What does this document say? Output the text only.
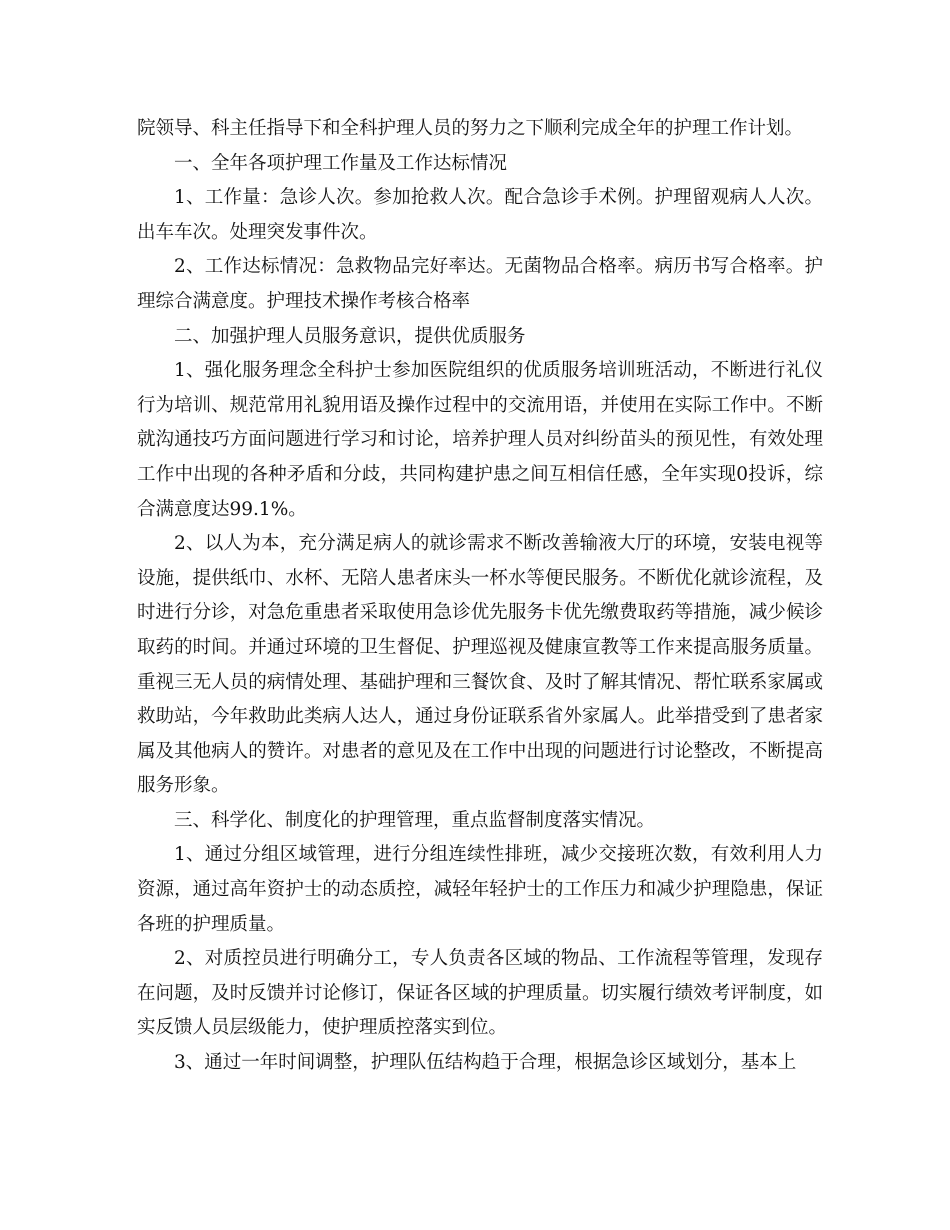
院领导、科主任指导下和全科护理人员的努力之下顺利完成全年的护理工作计划。

一、全年各项护理工作量及工作达标情况

1、工作量：急诊人次。参加抢救人次。配合急诊手术例。护理留观病人人次。出车车次。处理突发事件次。

2、工作达标情况：急救物品完好率达。无菌物品合格率。病历书写合格率。护理综合满意度。护理技术操作考核合格率

二、加强护理人员服务意识，提供优质服务

1、强化服务理念全科护士参加医院组织的优质服务培训班活动，不断进行礼仪行为培训、规范常用礼貌用语及操作过程中的交流用语，并使用在实际工作中。不断就沟通技巧方面问题进行学习和讨论，培养护理人员对纠纷苗头的预见性，有效处理工作中出现的各种矛盾和分歧，共同构建护患之间互相信任感，全年实现0投诉，综合满意度达99.1%。

2、以人为本，充分满足病人的就诊需求不断改善输液大厅的环境，安装电视等设施，提供纸巾、水杯、无陪人患者床头一杯水等便民服务。不断优化就诊流程，及时进行分诊，对急危重患者采取使用急诊优先服务卡优先缴费取药等措施，减少候诊取药的时间。并通过环境的卫生督促、护理巡视及健康宣教等工作来提高服务质量。重视三无人员的病情处理、基础护理和三餐饮食、及时了解其情况、帮忙联系家属或救助站，今年救助此类病人达人，通过身份证联系省外家属人。此举措受到了患者家属及其他病人的赞许。对患者的意见及在工作中出现的问题进行讨论整改，不断提高服务形象。

三、科学化、制度化的护理管理，重点监督制度落实情况。

1、通过分组区域管理，进行分组连续性排班，减少交接班次数，有效利用人力资源，通过高年资护士的动态质控，减轻年轻护士的工作压力和减少护理隐患，保证各班的护理质量。

2、对质控员进行明确分工，专人负责各区域的物品、工作流程等管理，发现存在问题，及时反馈并讨论修订，保证各区域的护理质量。切实履行绩效考评制度，如实反馈人员层级能力，使护理质控落实到位。

3、通过一年时间调整，护理队伍结构趋于合理，根据急诊区域划分，基本上
